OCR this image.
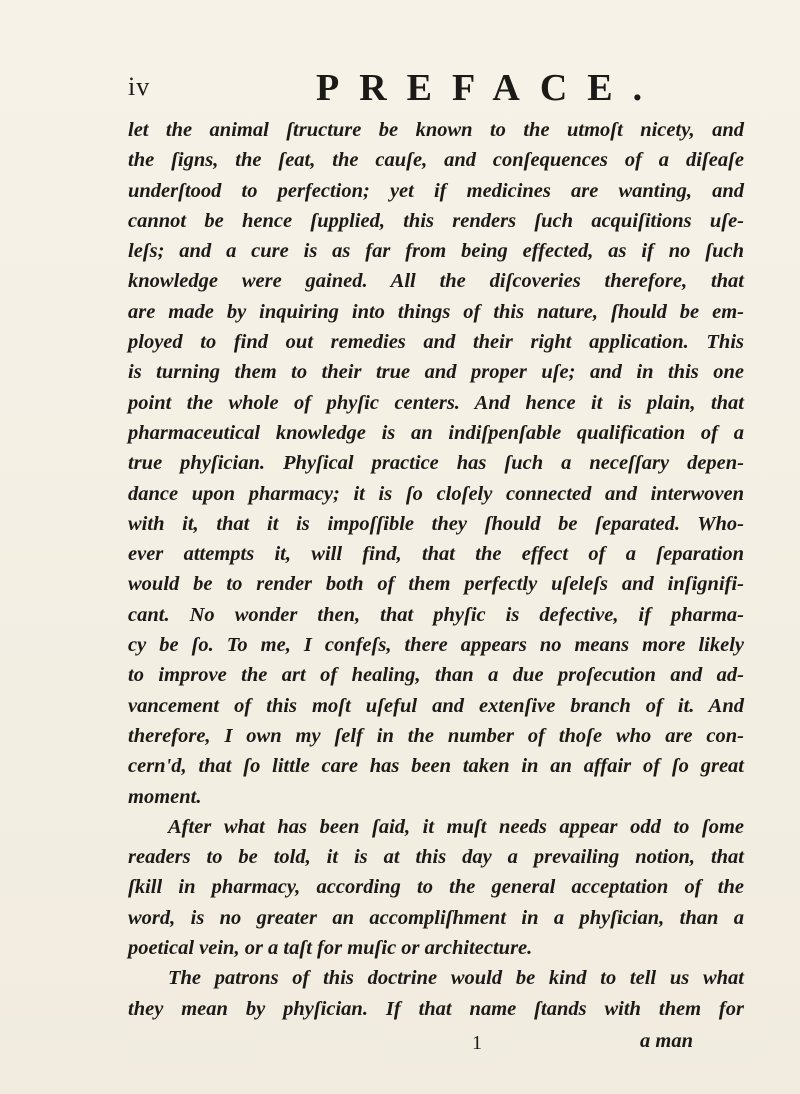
iv	PREFACE.
let the animal ſtructure be known to the utmoſt nicety, and
the ſigns, the ſeat, the cauſe, and conſequences of a diſeaſe
underſtood to perfection; yet if medicines are wanting, and
cannot be hence ſupplied, this renders ſuch acquiſitions uſe-
leſs; and a cure is as far from being effected, as if no ſuch
knowledge were gained. All the diſcoveries therefore, that
are made by inquiring into things of this nature, ſhould be em-
ployed to find out remedies and their right application. This
is turning them to their true and proper uſe; and in this one
point the whole of phyſic centers. And hence it is plain, that
pharmaceutical knowledge is an indiſpenſable qualification of a
true phyſician. Phyſical practice has ſuch a neceſſary depen-
dance upon pharmacy; it is ſo cloſely connected and interwoven
with it, that it is impoſſible they ſhould be ſeparated. Who-
ever attempts it, will find, that the effect of a ſeparation
would be to render both of them perfectly uſeleſs and inſignifi-
cant. No wonder then, that phyſic is defective, if pharma-
cy be ſo. To me, I confeſs, there appears no means more likely
to improve the art of healing, than a due proſecution and ad-
vancement of this moſt uſeful and extenſive branch of it. And
therefore, I own my ſelf in the number of thoſe who are con-
cern'd, that ſo little care has been taken in an affair of ſo great
moment.
After what has been ſaid, it muſt needs appear odd to ſome
readers to be told, it is at this day a prevailing notion, that
ſkill in pharmacy, according to the general acceptation of the
word, is no greater an accompliſhment in a phyſician, than a
poetical vein, or a taſt for muſic or architecture.
The patrons of this doctrine would be kind to tell us what
they mean by phyſician. If that name ſtands with them for
1	a man
